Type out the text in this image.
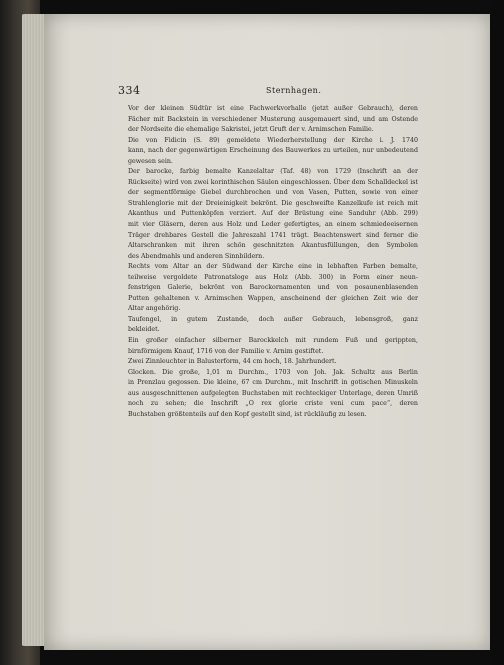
334	Sternhagen.
Vor der kleinen Südtür ist eine Fachwerkvorhalle (jetzt außer Gebrauch), deren
Fächer mit Backstein in verschiedener Musterung ausgemauert sind, und am Ostende
der Nordseite die ehemalige Sakristei, jetzt Gruft der v. Arnimschen Familie.
Die von Fidicin (S. 89) gemeldete Wiederherstellung der Kirche i. J. 1740
kann, nach der gegenwärtigen Erscheinung des Bauwerkes zu urteilen, nur unbedeutend
gewesen sein.
Der barocke, farbig bemalte Kanzelaltar (Taf. 48) von 1729 (Inschrift an der
Rückseite) wird von zwei korinthischen Säulen eingeschlossen. Über dem Schalldeckel ist
der segmentförmige Giebel durchbrochen und von Vasen, Putten, sowie von einer
Strahlenglorie mit der Dreieinigkeit bekrönt. Die geschweifte Kanzelkufe ist reich mit
Akanthus und Puttenköpfen verziert. Auf der Brüstung eine Sanduhr (Abb. 299)
mit vier Gläsern, deren aus Holz und Leder gefertigtes, an einem schmiedeeisernen
Träger drehbares Gestell die Jahreszahl 1741 trägt. Beachtenswert sind ferner die
Altarschranken mit ihren schön geschnitzten Akantusfüllungen, den Symbolen
des Abendmahls und anderen Sinnbildern.
Rechts vom Altar an der Südwand der Kirche eine in lebhaften Farben bemalte,
teilweise vergoldete Patronatsloge aus Holz (Abb. 300) in Form einer neun-
fenstrigen Galerie, bekrönt von Barockornamenten und von posaunenblasenden
Putten gehaltenen v. Arnimschen Wappen, anscheinend der gleichen Zeit wie der
Altar angehörig.
Taufengel, in gutem Zustande, doch außer Gebrauch, lebensgroß, ganz
bekleidet.
Ein großer einfacher silberner Barockkelch mit rundem Fuß und gerippten,
birnförmigem Knauf, 1716 von der Familie v. Arnim gestiftet.
Zwei Zinnleuchter in Balusterform, 44 cm hoch, 18. Jahrhundert.
Glocken. Die große, 1,01 m Durchm., 1703 von Joh. Jak. Schultz aus Berlin
in Prenzlau gegossen. Die kleine, 67 cm Durchm., mit Inschrift in gotischen Minuskeln
aus ausgeschnittenen aufgelegten Buchstaben mit rechteckiger Unterlage, deren Umriß
noch zu sehen; die Inschrift „O rex glorie criste veni cum pace“, deren
Buchstaben größtenteils auf den Kopf gestellt sind, ist rückläufig zu lesen.
